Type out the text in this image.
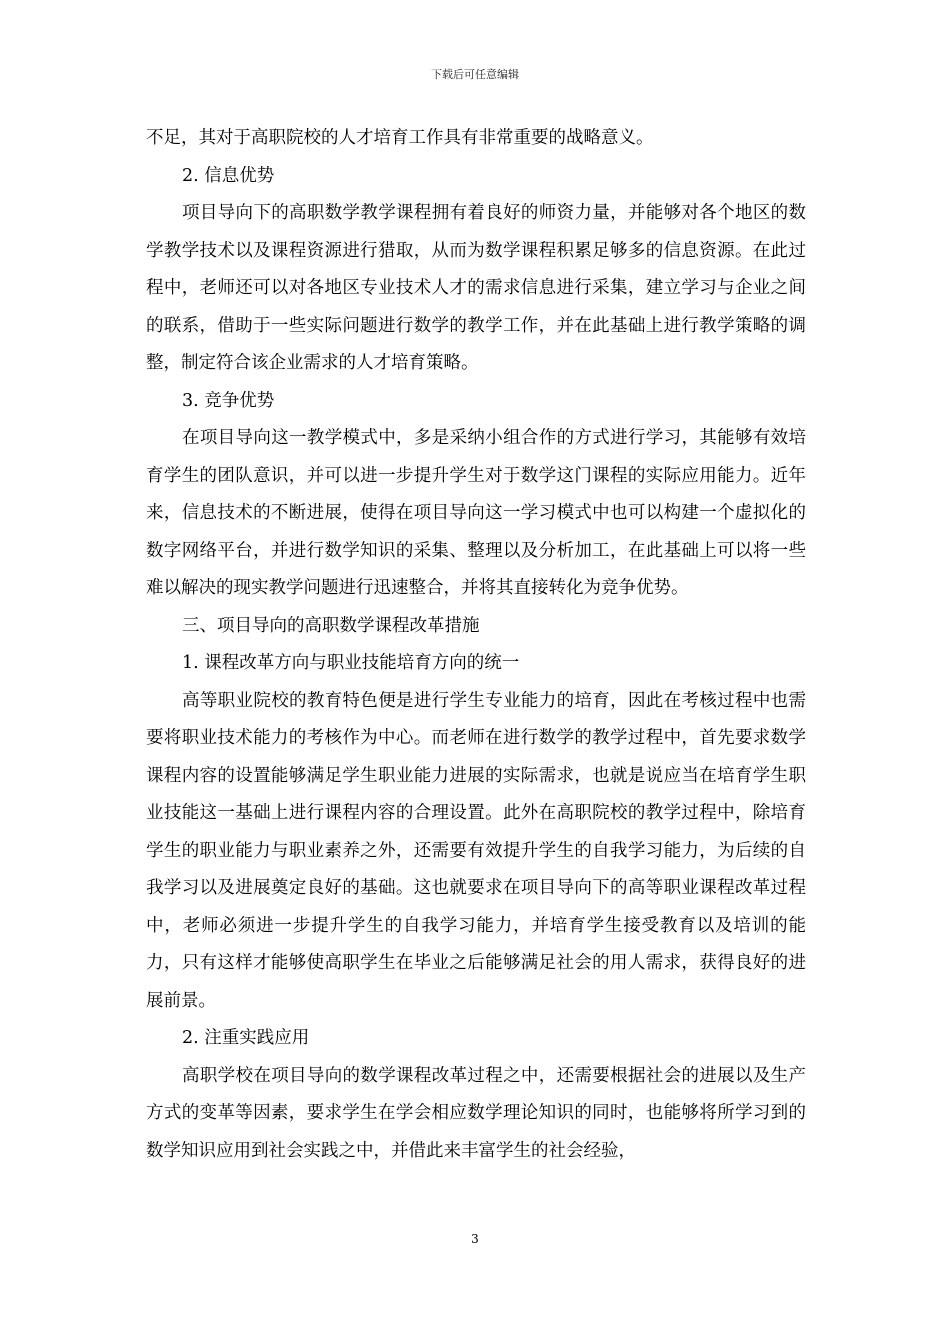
下载后可任意编辑

不足，其对于高职院校的人才培育工作具有非常重要的战略意义。

2. 信息优势

项目导向下的高职数学教学课程拥有着良好的师资力量，并能够对各个地区的数学教学技术以及课程资源进行猎取，从而为数学课程积累足够多的信息资源。在此过程中，老师还可以对各地区专业技术人才的需求信息进行采集，建立学习与企业之间的联系，借助于一些实际问题进行数学的教学工作，并在此基础上进行教学策略的调整，制定符合该企业需求的人才培育策略。

3. 竞争优势

在项目导向这一教学模式中，多是采纳小组合作的方式进行学习，其能够有效培育学生的团队意识，并可以进一步提升学生对于数学这门课程的实际应用能力。近年来，信息技术的不断进展，使得在项目导向这一学习模式中也可以构建一个虚拟化的数字网络平台，并进行数学知识的采集、整理以及分析加工，在此基础上可以将一些难以解决的现实教学问题进行迅速整合，并将其直接转化为竞争优势。

三、项目导向的高职数学课程改革措施

1. 课程改革方向与职业技能培育方向的统一

高等职业院校的教育特色便是进行学生专业能力的培育，因此在考核过程中也需要将职业技术能力的考核作为中心。而老师在进行数学的教学过程中，首先要求数学课程内容的设置能够满足学生职业能力进展的实际需求，也就是说应当在培育学生职业技能这一基础上进行课程内容的合理设置。此外在高职院校的教学过程中，除培育学生的职业能力与职业素养之外，还需要有效提升学生的自我学习能力，为后续的自我学习以及进展奠定良好的基础。这也就要求在项目导向下的高等职业课程改革过程中，老师必须进一步提升学生的自我学习能力，并培育学生接受教育以及培训的能力，只有这样才能够使高职学生在毕业之后能够满足社会的用人需求，获得良好的进展前景。

2. 注重实践应用

高职学校在项目导向的数学课程改革过程之中，还需要根据社会的进展以及生产方式的变革等因素，要求学生在学会相应数学理论知识的同时，也能够将所学习到的数学知识应用到社会实践之中，并借此来丰富学生的社会经验，

3
